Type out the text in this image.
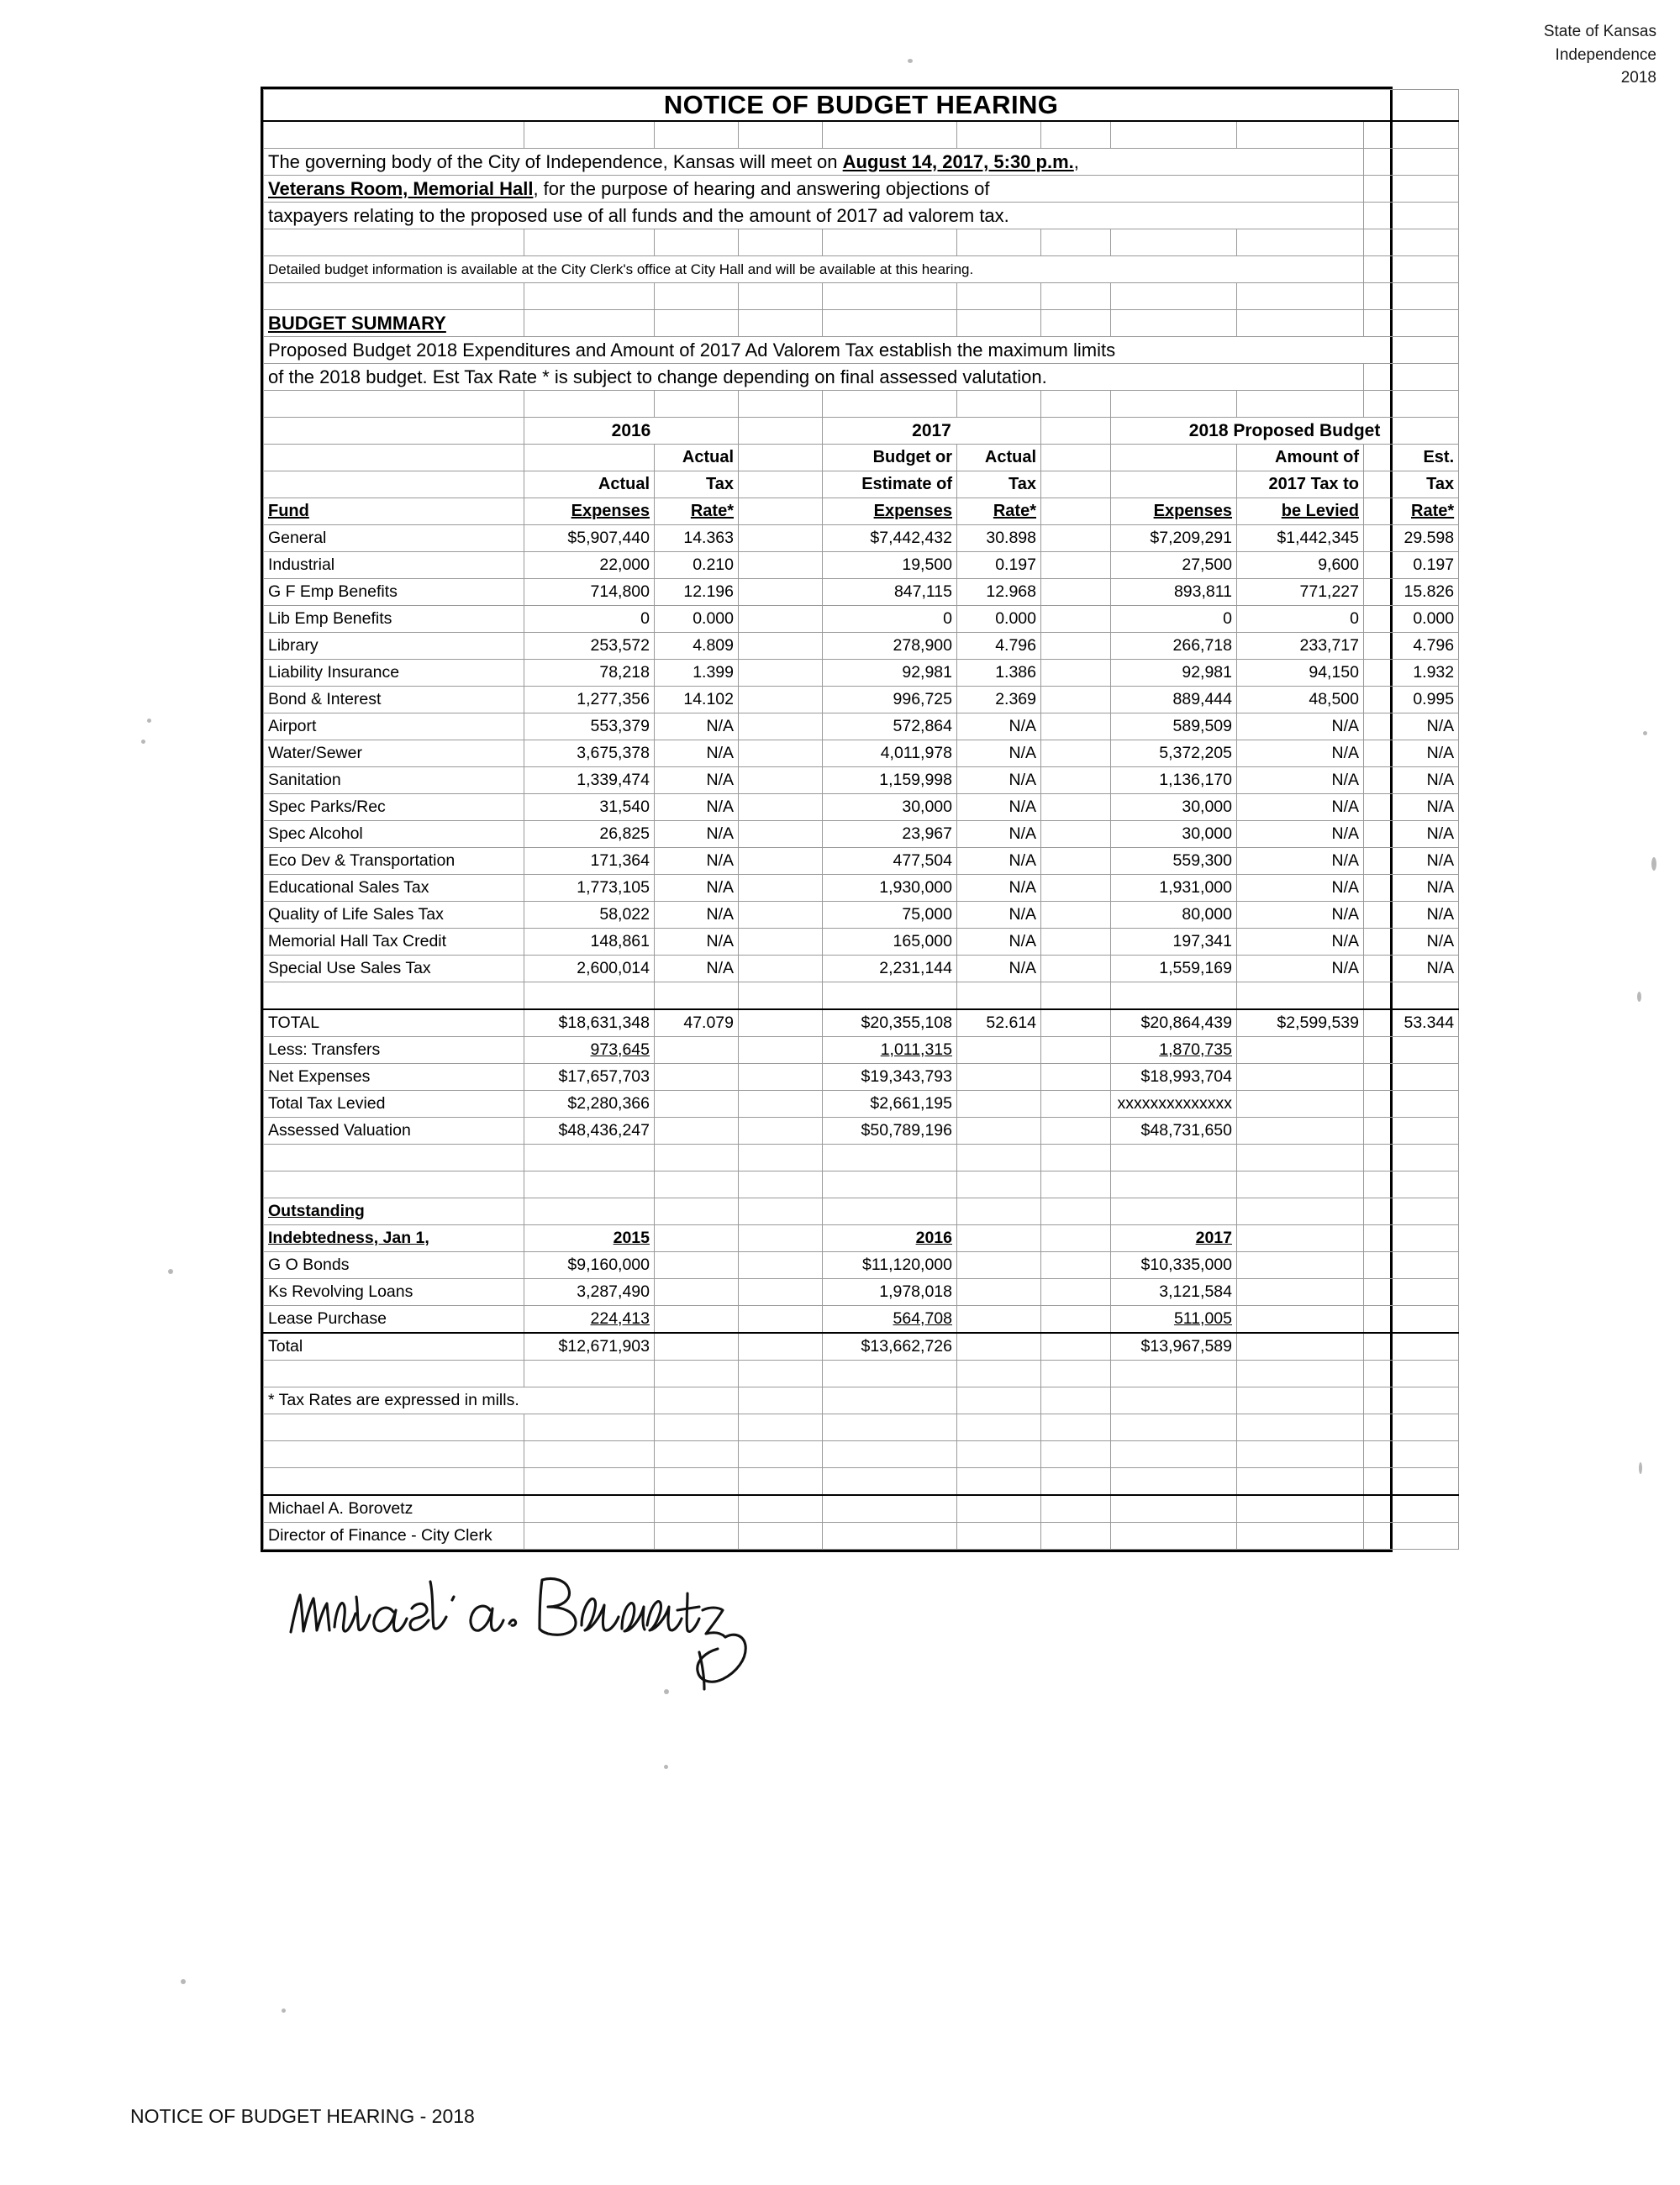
State of Kansas
Independence
2018
NOTICE OF BUDGET HEARING									

The governing body of the City of Independence, Kansas will meet on August 14, 2017, 5:30 p.m.,									
Veterans Room, Memorial Hall, for the purpose of hearing and answering objections of									
taxpayers relating to the proposed use of all funds and the amount of 2017 ad valorem tax.									

Detailed budget information is available at the City Clerk's office at City Hall and will be available at this hearing.									

BUDGET SUMMARY									
Proposed Budget 2018 Expenditures and Amount of 2017 Ad Valorem Tax establish the maximum limits									
of the 2018 budget. Est Tax Rate * is subject to change depending on final assessed valutation.									

	2016			2017			2018 Proposed Budget		
		Actual		Budget or	Actual			Amount of	Est.
	Actual	Tax		Estimate of	Tax			2017 Tax to	Tax
Fund	Expenses	Rate*		Expenses	Rate*		Expenses	be Levied	Rate*
General	$5,907,440	14.363		$7,442,432	30.898		$7,209,291	$1,442,345	29.598
Industrial	22,000	0.210		19,500	0.197		27,500	9,600	0.197
G F Emp Benefits	714,800	12.196		847,115	12.968		893,811	771,227	15.826
Lib Emp Benefits	0	0.000		0	0.000		0	0	0.000
Library	253,572	4.809		278,900	4.796		266,718	233,717	4.796
Liability Insurance	78,218	1.399		92,981	1.386		92,981	94,150	1.932
Bond & Interest	1,277,356	14.102		996,725	2.369		889,444	48,500	0.995
Airport	553,379	N/A		572,864	N/A		589,509	N/A	N/A
Water/Sewer	3,675,378	N/A		4,011,978	N/A		5,372,205	N/A	N/A
Sanitation	1,339,474	N/A		1,159,998	N/A		1,136,170	N/A	N/A
Spec Parks/Rec	31,540	N/A		30,000	N/A		30,000	N/A	N/A
Spec Alcohol	26,825	N/A		23,967	N/A		30,000	N/A	N/A
Eco Dev & Transportation	171,364	N/A		477,504	N/A		559,300	N/A	N/A
Educational Sales Tax	1,773,105	N/A		1,930,000	N/A		1,931,000	N/A	N/A
Quality of Life Sales Tax	58,022	N/A		75,000	N/A		80,000	N/A	N/A
Memorial Hall Tax Credit	148,861	N/A		165,000	N/A		197,341	N/A	N/A
Special Use Sales Tax	2,600,014	N/A		2,231,144	N/A		1,559,169	N/A	N/A

TOTAL	$18,631,348	47.079		$20,355,108	52.614		$20,864,439	$2,599,539	53.344
Less: Transfers	973,645			1,011,315			1,870,735		
Net Expenses	$17,657,703			$19,343,793			$18,993,704		
Total Tax Levied	$2,280,366			$2,661,195			xxxxxxxxxxxxxx		
Assessed Valuation	$48,436,247			$50,789,196			$48,731,650		

Outstanding									
Indebtedness, Jan 1,	2015			2016			2017		
G O Bonds	$9,160,000			$11,120,000			$10,335,000		
Ks Revolving Loans	3,287,490			1,978,018			3,121,584		
Lease Purchase	224,413			564,708			511,005		
Total	$12,671,903			$13,662,726			$13,967,589		

* Tax Rates are expressed in mills.									

Michael A. Borovetz									
Director of Finance - City Clerk									
NOTICE OF BUDGET HEARING - 2018
